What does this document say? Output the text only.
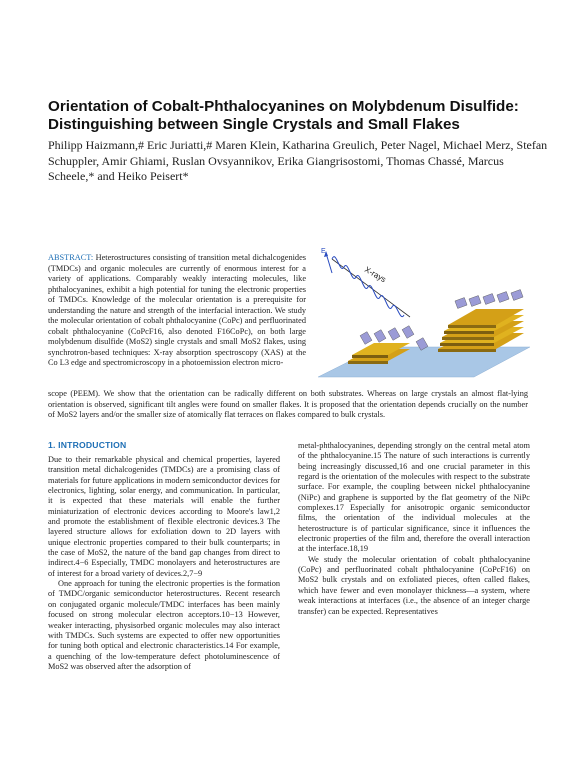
Orientation of Cobalt-Phthalocyanines on Molybdenum Disulfide: Distinguishing between Single Crystals and Small Flakes
Philipp Haizmann,# Eric Juriatti,# Maren Klein, Katharina Greulich, Peter Nagel, Michael Merz, Stefan Schuppler, Amir Ghiami, Ruslan Ovsyannikov, Erika Giangrisostomi, Thomas Chassé, Marcus Scheele,* and Heiko Peisert*
ABSTRACT: Heterostructures consisting of transition metal dichalcogenides (TMDCs) and organic molecules are currently of enormous interest for a variety of applications. Comparably weakly interacting molecules, like phthalocyanines, exhibit a high potential for tuning the electronic properties of TMDCs. Knowledge of the molecular orientation is a prerequisite for understanding the nature and strength of the interfacial interaction. We study the molecular orientation of cobalt phthalocyanine (CoPc) and perfluorinated cobalt phthalocyanine (CoPcF16, also denoted F16CoPc), on both large molybdenum disulfide (MoS2) single crystals and small MoS2 flakes, using synchrotron-based techniques: X-ray absorption spectroscopy (XAS) at the Co L3 edge and spectromicroscopy in a photoemission electron micro-
E
X-rays
scope (PEEM). We show that the orientation can be radically different on both substrates. Whereas on large crystals an almost flat-lying orientation is observed, significant tilt angles were found on smaller flakes. It is proposed that the orientation depends crucially on the number of MoS2 layers and/or the smaller size of atomically flat terraces on flakes compared to bulk crystals.
1. INTRODUCTION

Due to their remarkable physical and chemical properties, layered transition metal dichalcogenides (TMDCs) are a promising class of materials for future applications in modern semiconductor devices for electronics, lighting, solar energy, and communication. In particular, it is expected that these materials will enable the further miniaturization of electronic devices according to Moore's law1,2 and promote the establishment of flexible electronic devices.3 The layered structure allows for exfoliation down to 2D layers with unique electronic properties compared to their bulk counterparts; in the case of MoS2, the nature of the band gap changes from direct to indirect.4−6 Especially, TMDC monolayers and heterostructures are of interest for a broad variety of devices.2,7−9

One approach for tuning the electronic properties is the formation of TMDC/organic semiconductor heterostructures. Recent research on conjugated organic molecule/TMDC interfaces has been mainly focused on strong molecular electron acceptors.10−13 However, weaker interacting, physisorbed organic molecules may also interact with TMDCs. Such systems are expected to offer new opportunities for tuning both optical and electronic characteristics.14 For example, a quenching of the low-temperature defect photoluminescence of MoS2 was observed after the adsorption of

metal-phthalocyanines, depending strongly on the central metal atom of the phthalocyanine.15 The nature of such interactions is currently being increasingly discussed,16 and one crucial parameter in this regard is the orientation of the molecules with respect to the substrate surface. For example, the coupling between nickel phthalocyanine (NiPc) and graphene is supported by the flat geometry of the NiPc complexes.17 Especially for anisotropic organic semiconductor films, the orientation of the individual molecules at the heterostructure is of particular significance, since it influences the electronic properties of the film and, therefore the overall interaction at the interface.18,19

We study the molecular orientation of cobalt phthalocyanine (CoPc) and perfluorinated cobalt phthalocyanine (CoPcF16) on MoS2 bulk crystals and on exfoliated pieces, often called flakes, which have fewer and even monolayer thickness—a system, where weak interactions at interfaces (i.e., the absence of an integer charge transfer) can be expected. Representatives
